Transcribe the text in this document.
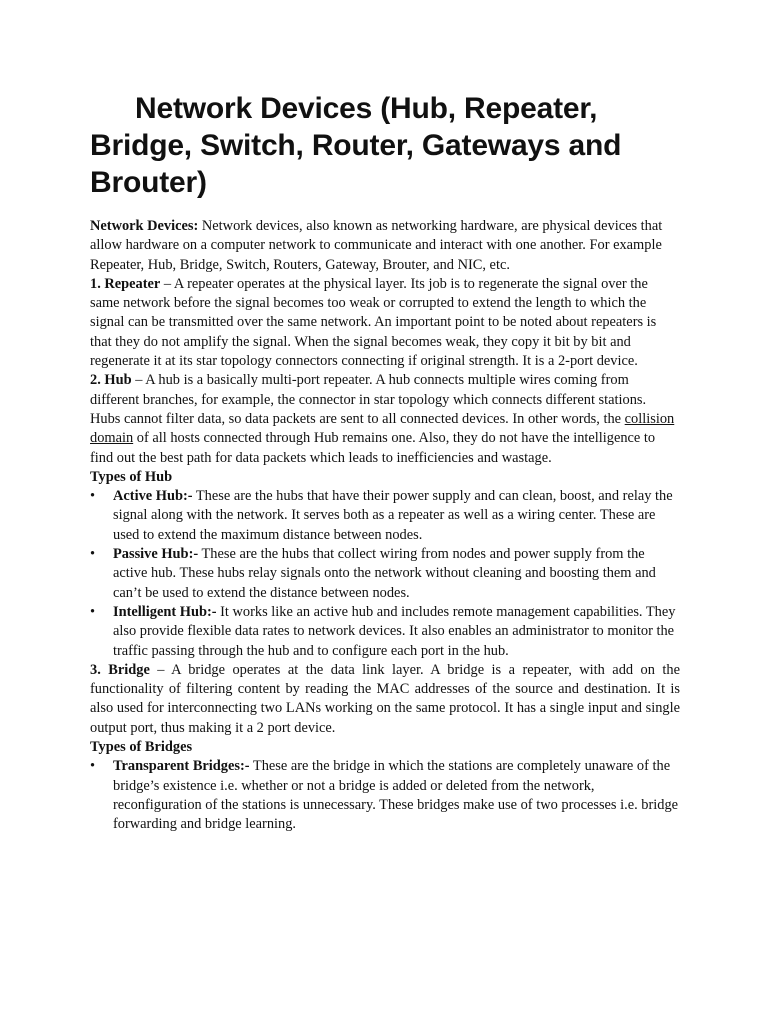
Network Devices (Hub, Repeater, Bridge, Switch, Router, Gateways and Brouter)

Network Devices: Network devices, also known as networking hardware, are physical devices that allow hardware on a computer network to communicate and interact with one another. For example Repeater, Hub, Bridge, Switch, Routers, Gateway, Brouter, and NIC, etc.

1. Repeater – A repeater operates at the physical layer. Its job is to regenerate the signal over the same network before the signal becomes too weak or corrupted to extend the length to which the signal can be transmitted over the same network. An important point to be noted about repeaters is that they do not amplify the signal. When the signal becomes weak, they copy it bit by bit and regenerate it at its star topology connectors connecting if original strength. It is a 2-port device.

2. Hub – A hub is a basically multi-port repeater. A hub connects multiple wires coming from different branches, for example, the connector in star topology which connects different stations. Hubs cannot filter data, so data packets are sent to all connected devices. In other words, the collision domain of all hosts connected through Hub remains one. Also, they do not have the intelligence to find out the best path for data packets which leads to inefficiencies and wastage.

Types of Hub

•	Active Hub:- These are the hubs that have their power supply and can clean, boost, and relay the signal along with the network. It serves both as a repeater as well as a wiring center. These are used to extend the maximum distance between nodes.
•	Passive Hub:- These are the hubs that collect wiring from nodes and power supply from the active hub. These hubs relay signals onto the network without cleaning and boosting them and can’t be used to extend the distance between nodes.
•	Intelligent Hub:- It works like an active hub and includes remote management capabilities. They also provide flexible data rates to network devices. It also enables an administrator to monitor the traffic passing through the hub and to configure each port in the hub.

3. Bridge – A bridge operates at the data link layer. A bridge is a repeater, with add on the functionality of filtering content by reading the MAC addresses of the source and destination. It is also used for interconnecting two LANs working on the same protocol. It has a single input and single output port, thus making it a 2 port device.

Types of Bridges

•	Transparent Bridges:- These are the bridge in which the stations are completely unaware of the bridge’s existence i.e. whether or not a bridge is added or deleted from the network, reconfiguration of the stations is unnecessary. These bridges make use of two processes i.e. bridge forwarding and bridge learning.
